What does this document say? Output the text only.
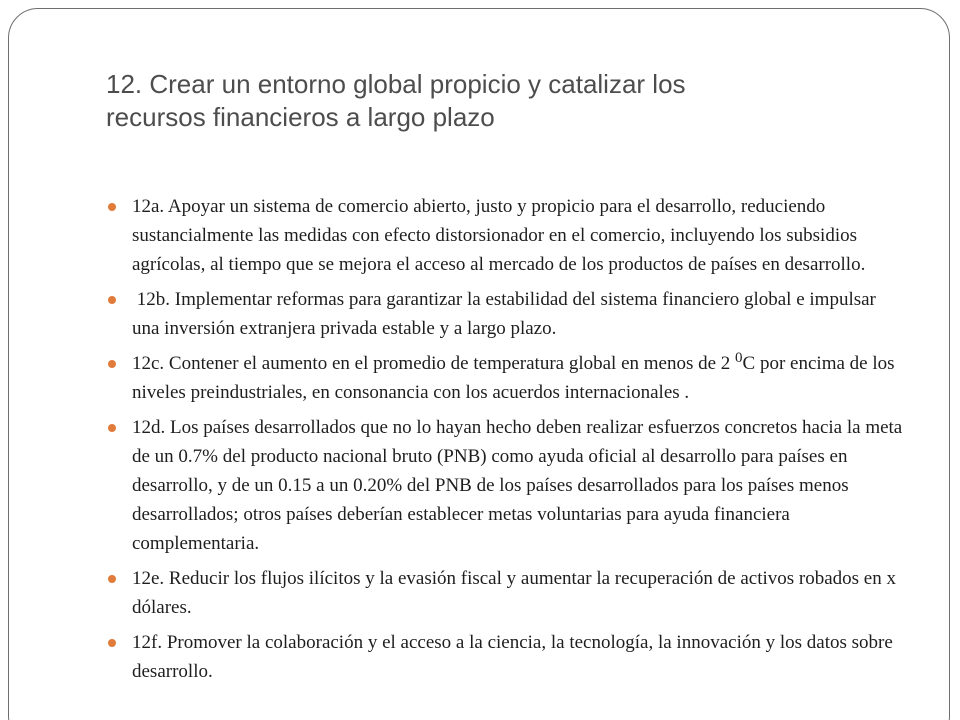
12. Crear un entorno global propicio y catalizar los
recursos financieros a largo plazo
12a. Apoyar un sistema de comercio abierto, justo y propicio para el desarrollo, reduciendo sustancialmente las medidas con efecto distorsionador en el comercio, incluyendo los subsidios agrícolas, al tiempo que se mejora el acceso al mercado de los productos de países en desarrollo.
12b. Implementar reformas para garantizar la estabilidad del sistema financiero global e impulsar una inversión extranjera privada estable y a largo plazo.
12c. Contener el aumento en el promedio de temperatura global en menos de 2 $^0$C por encima de los niveles preindustriales, en consonancia con los acuerdos internacionales .
12d. Los países desarrollados que no lo hayan hecho deben realizar esfuerzos concretos hacia la meta de un 0.7% del producto nacional bruto (PNB) como ayuda oficial al desarrollo para países en desarrollo, y de un 0.15 a un 0.20% del PNB de los países desarrollados para los países menos desarrollados; otros países deberían establecer metas voluntarias para ayuda financiera complementaria.
12e. Reducir los flujos ilícitos y la evasión fiscal y aumentar la recuperación de activos robados en x dólares.
12f. Promover la colaboración y el acceso a la ciencia, la tecnología, la innovación y los datos sobre desarrollo.
